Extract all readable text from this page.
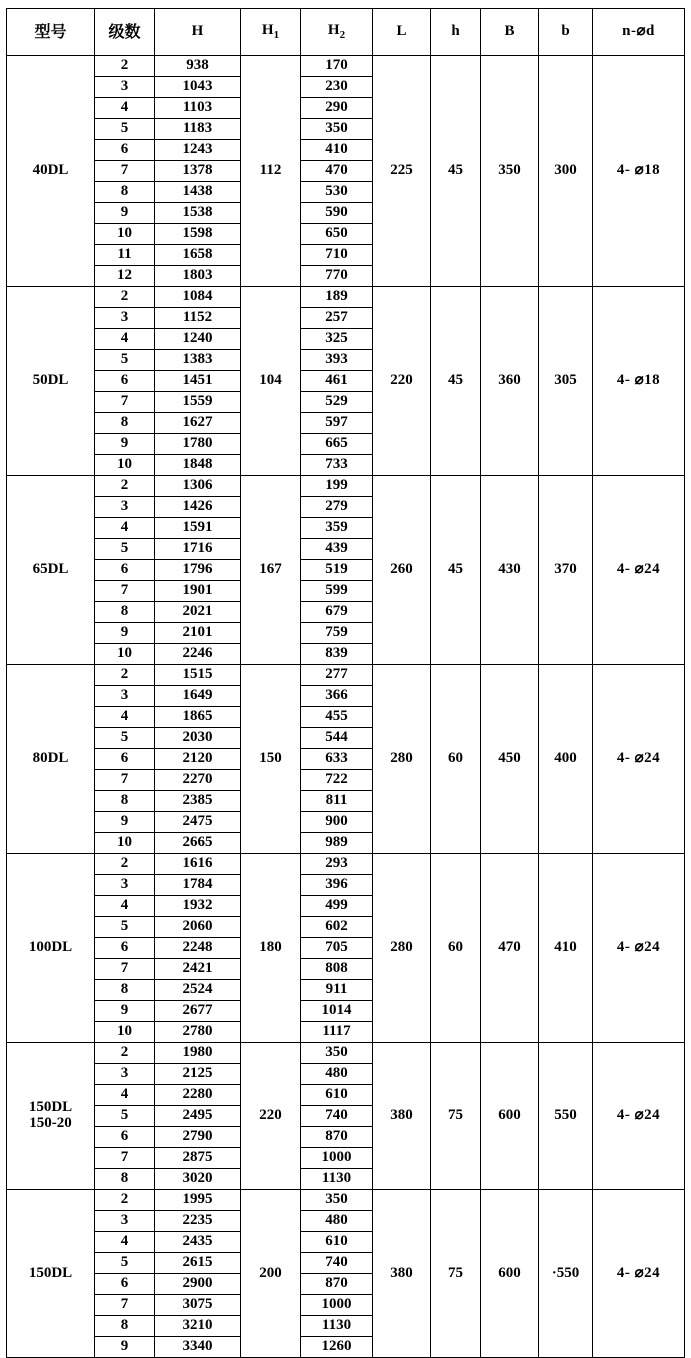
型号	级数	H	$H_1$	$H_2$	L	h	B	b	n-⌀d
40DL	2	938	112	170	225	45	350	300	4- ⌀18
	3	1043		230					
	4	1103		290					
	5	1183		350					
	6	1243		410					
	7	1378		470					
	8	1438		530					
	9	1538		590					
	10	1598		650					
	11	1658		710					
	12	1803		770					
50DL	2	1084	104	189	220	45	360	305	4- ⌀18
	3	1152		257					
	4	1240		325					
	5	1383		393					
	6	1451		461					
	7	1559		529					
	8	1627		597					
	9	1780		665					
	10	1848		733					
65DL	2	1306	167	199	260	45	430	370	4- ⌀24
	3	1426		279					
	4	1591		359					
	5	1716		439					
	6	1796		519					
	7	1901		599					
	8	2021		679					
	9	2101		759					
	10	2246		839					
80DL	2	1515	150	277	280	60	450	400	4- ⌀24
	3	1649		366					
	4	1865		455					
	5	2030		544					
	6	2120		633					
	7	2270		722					
	8	2385		811					
	9	2475		900					
	10	2665		989					
100DL	2	1616	180	293	280	60	470	410	4- ⌀24
	3	1784		396					
	4	1932		499					
	5	2060		602					
	6	2248		705					
	7	2421		808					
	8	2524		911					
	9	2677		1014					
	10	2780		1117					

150DL
150-20	2	1980	220	350	380	75	600	550	4- ⌀24
	3	2125		480					
	4	2280		610					
	5	2495		740					
	6	2790		870					
	7	2875		1000					
	8	3020		1130					
150DL	2	1995	200	350	380	75	600	·550	4- ⌀24
	3	2235		480					
	4	2435		610					
	5	2615		740					
	6	2900		870					
	7	3075		1000					
	8	3210		1130					
	9	3340		1260					
